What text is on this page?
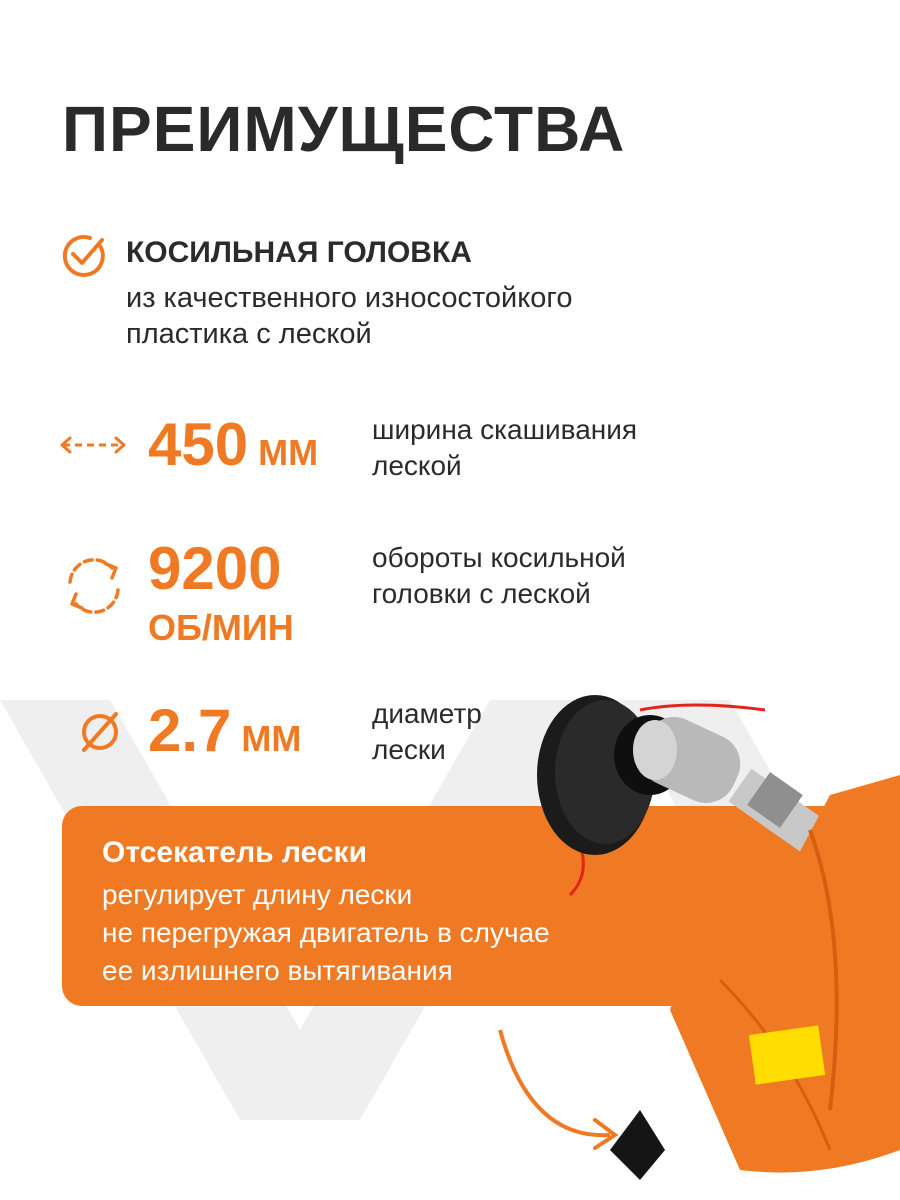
ПРЕИМУЩЕСТВА
КОСИЛЬНАЯ ГОЛОВКА
из качественного износостойкого
пластика с леской
450 ММ
ширина скашивания
леской
9200
ОБ/МИН
обороты косильной
головки с леской
2.7 ММ
диаметр
лески
Отсекатель лески
регулирует длину лески
не перегружая двигатель в случае
ее излишнего вытягивания
